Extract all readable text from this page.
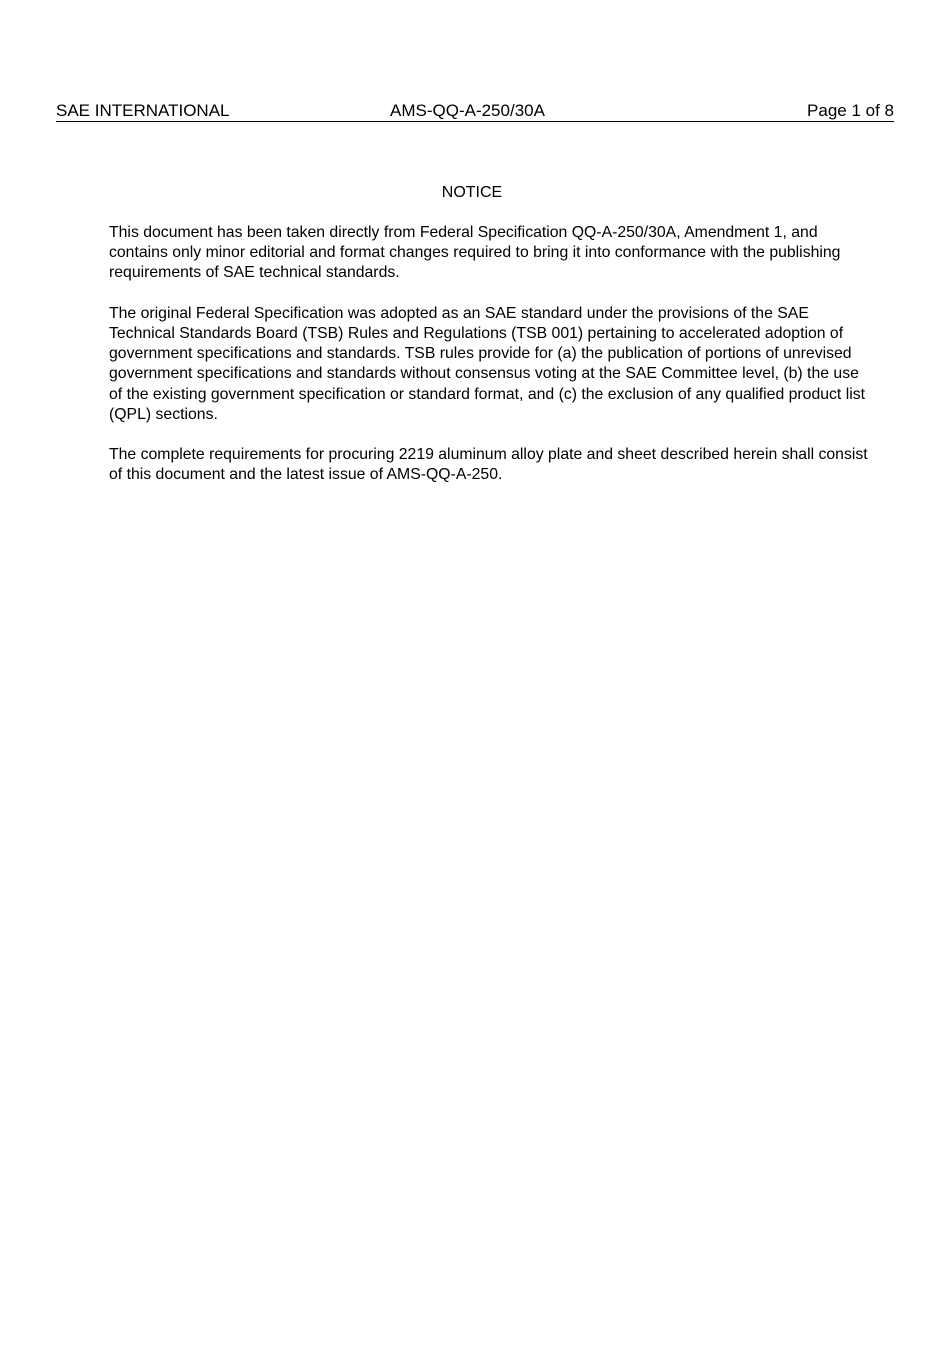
SAE INTERNATIONAL	AMS-QQ-A-250/30A	Page 1 of 8
NOTICE

This document has been taken directly from Federal Specification QQ-A-250/30A, Amendment 1, and contains only minor editorial and format changes required to bring it into conformance with the publishing requirements of SAE technical standards.

The original Federal Specification was adopted as an SAE standard under the provisions of the SAE Technical Standards Board (TSB) Rules and Regulations (TSB 001) pertaining to accelerated adoption of government specifications and standards. TSB rules provide for (a) the publication of portions of unrevised government specifications and standards without consensus voting at the SAE Committee level, (b) the use of the existing government specification or standard format, and (c) the exclusion of any qualified product list (QPL) sections.

The complete requirements for procuring 2219 aluminum alloy plate and sheet described herein shall consist of this document and the latest issue of AMS-QQ-A-250.
